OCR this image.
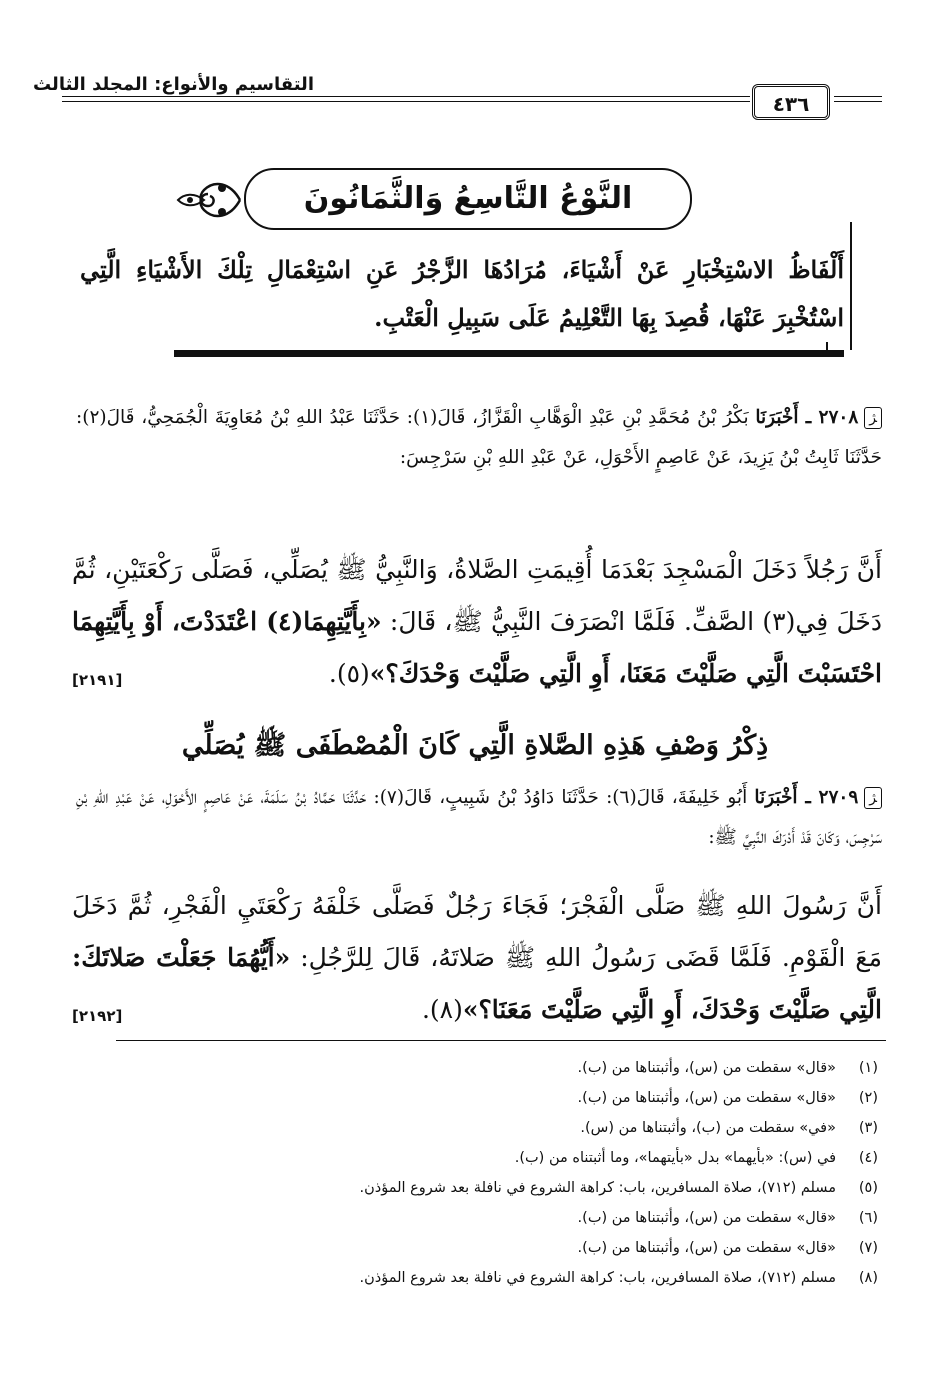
التقاسيم والأنواع: المجلد الثالث
٤٣٦
النَّوْعُ التَّاسِعُ وَالثَّمَانُونَ
أَلْفَاظُ الاسْتِخْبَارِ عَنْ أَشْيَاءَ، مُرَادُهَا الزَّجْرُ عَنِ اسْتِعْمَالِ تِلْكَ الأَشْيَاءِ الَّتِي اسْتُخْبِرَ عَنْهَا، قُصِدَ بِهَا التَّعْلِيمُ عَلَى سَبِيلِ الْعَتْبِ.
ﮋ٢٧٠٨ ـ أَخْبَرَنَا بَكْرُ بْنُ مُحَمَّدِ بْنِ عَبْدِ الْوَهَّابِ الْقَزَّازُ، قَالَ(١): حَدَّثَنَا عَبْدُ اللهِ بْنُ مُعَاوِيَةَ الْجُمَحِيُّ، قَالَ(٢): حَدَّثَنَا ثَابِتُ بْنُ يَزِيدَ، عَنْ عَاصِمٍ الأَحْوَلِ، عَنْ عَبْدِ اللهِ بْنِ سَرْجِسَ:
أَنَّ رَجُلاً دَخَلَ الْمَسْجِدَ بَعْدَمَا أُقِيمَتِ الصَّلاةُ، وَالنَّبِيُّ ﷺ يُصَلِّي، فَصَلَّى رَكْعَتَيْنِ، ثُمَّ دَخَلَ فِي(٣) الصَّفِّ. فَلَمَّا انْصَرَفَ النَّبِيُّ ﷺ، قَالَ: «بِأَيَّتِهِمَا(٤) اعْتَدَدْتَ، أَوْ بِأَيَّتِهِمَا احْتَسَبْتَ الَّتِي صَلَّيْتَ مَعَنَا، أَوِ الَّتِي صَلَّيْتَ وَحْدَكَ؟»(٥).
[٢١٩١]
ذِكْرُ وَصْفِ هَذِهِ الصَّلاةِ الَّتِي كَانَ الْمُصْطَفَى ﷺ يُصَلِّي
ﮋ٢٧٠٩ ـ أَخْبَرَنَا أَبُو خَلِيفَةَ، قَالَ(٦): حَدَّثَنَا دَاوُدُ بْنُ شَبِيبٍ، قَالَ(٧): حَدَّثَنَا حَمَّادُ بْنُ سَلَمَةَ، عَنْ عَاصِمٍ الأَحْوَلِ، عَنْ عَبْدِ اللهِ بْنِ سَرْجِسَ، وَكَانَ قَدْ أَدْرَكَ النَّبِيَّ ﷺ:
أَنَّ رَسُولَ اللهِ ﷺ صَلَّى الْفَجْرَ؛ فَجَاءَ رَجُلٌ فَصَلَّى خَلْفَهُ رَكْعَتَيِ الْفَجْرِ، ثُمَّ دَخَلَ مَعَ الْقَوْمِ. فَلَمَّا قَضَى رَسُولُ اللهِ ﷺ صَلاتَهُ، قَالَ لِلرَّجُلِ: «أَيُّهُمَا جَعَلْتَ صَلاتَكَ: الَّتِي صَلَّيْتَ وَحْدَكَ، أَوِ الَّتِي صَلَّيْتَ مَعَنَا؟»(٨).
[٢١٩٢]
(١)«قال» سقطت من (س)، وأثبتناها من (ب).
(٢)«قال» سقطت من (س)، وأثبتناها من (ب).
(٣)«في» سقطت من (ب)، وأثبتناها من (س).
(٤)في (س): «بأيهما» بدل «بأيتهما»، وما أثبتناه من (ب).
(٥)مسلم (٧١٢)، صلاة المسافرين، باب: كراهة الشروع في نافلة بعد شروع المؤذن.
(٦)«قال» سقطت من (س)، وأثبتناها من (ب).
(٧)«قال» سقطت من (س)، وأثبتناها من (ب).
(٨)مسلم (٧١٢)، صلاة المسافرين، باب: كراهة الشروع في نافلة بعد شروع المؤذن.
